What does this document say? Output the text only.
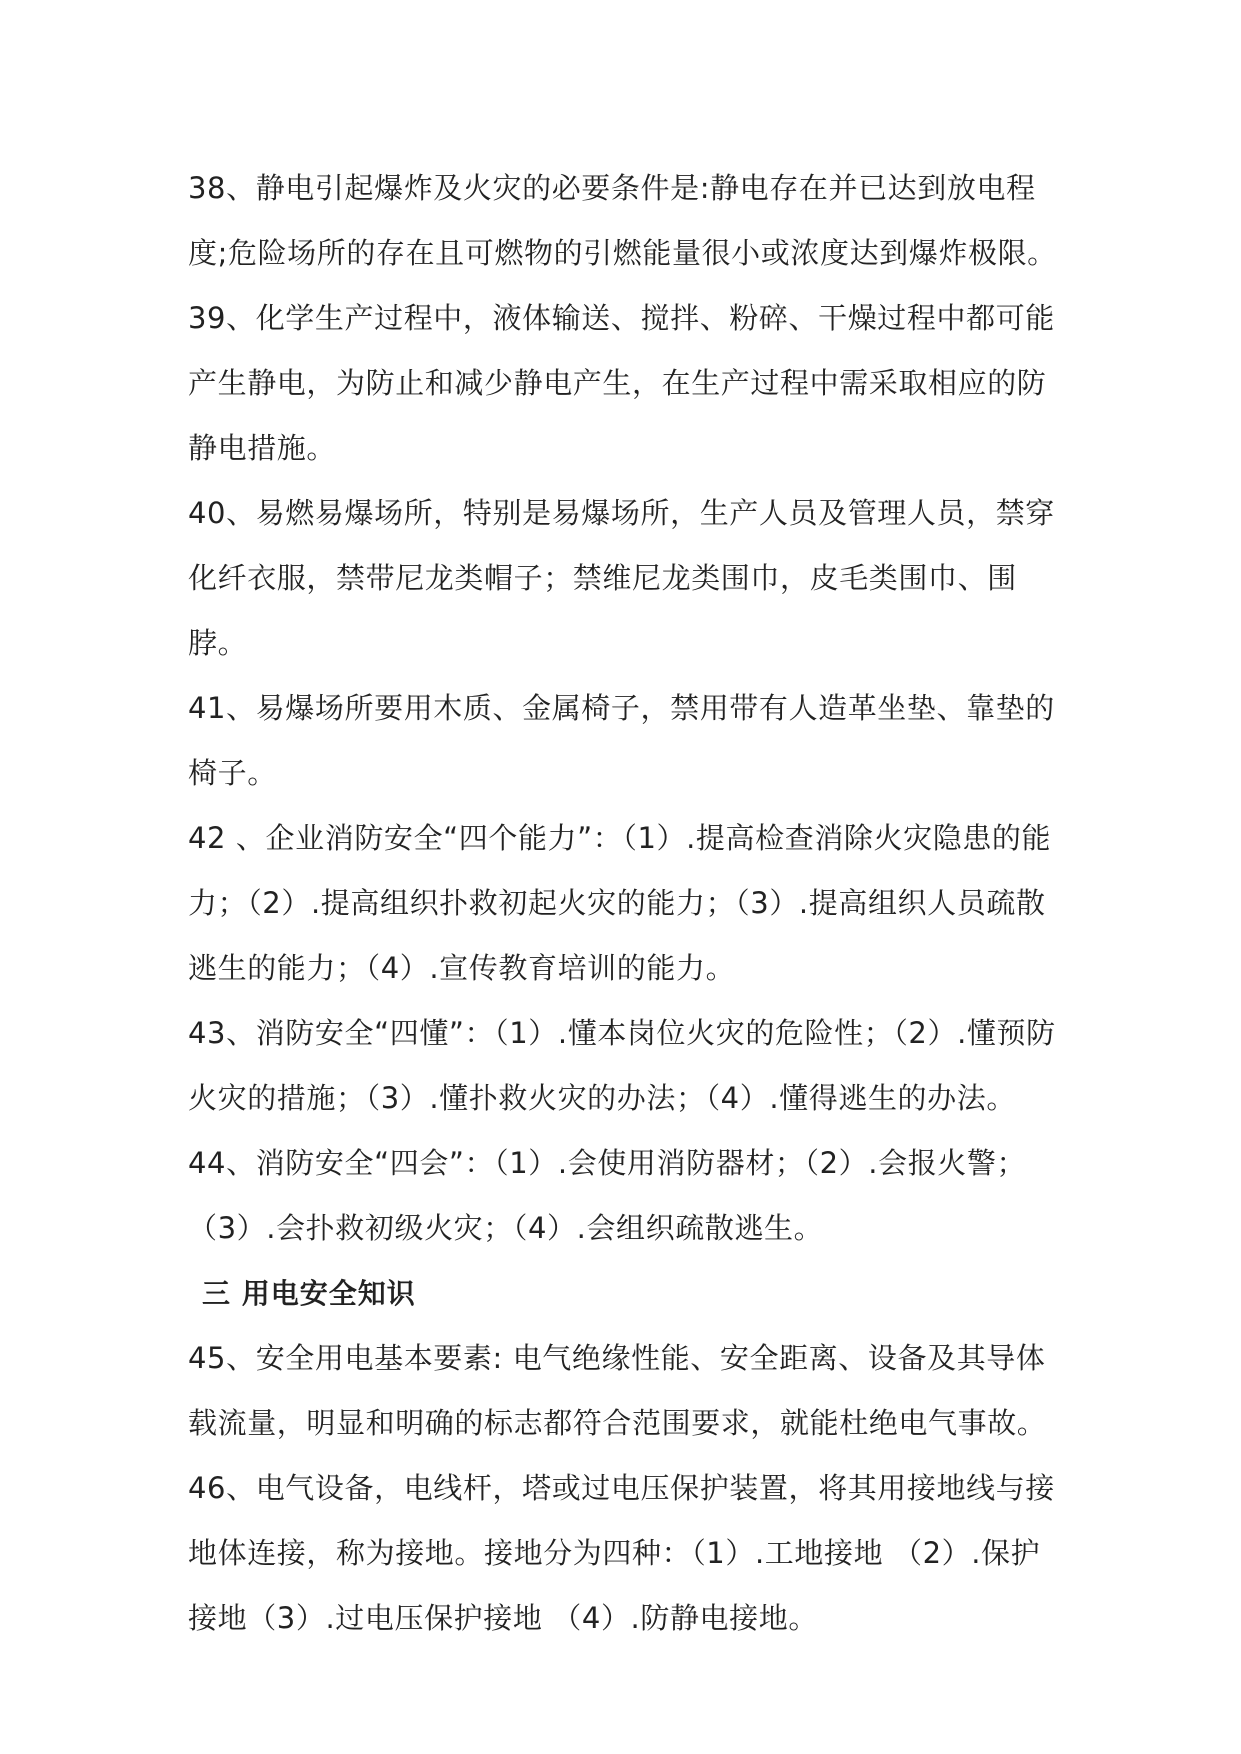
38、静电引起爆炸及火灾的必要条件是:静电存在并已达到放电程度;危险场所的存在且可燃物的引燃能量很小或浓度达到爆炸极限。

39、化学生产过程中，液体输送、搅拌、粉碎、干燥过程中都可能产生静电，为防止和减少静电产生，在生产过程中需采取相应的防静电措施。

40、易燃易爆场所，特别是易爆场所，生产人员及管理人员，禁穿化纤衣服，禁带尼龙类帽子；禁维尼龙类围巾，皮毛类围巾、围脖。

41、易爆场所要用木质、金属椅子，禁用带有人造革坐垫、靠垫的椅子。

42 、企业消防安全“四个能力”：（1）.提高检查消除火灾隐患的能力；（2）.提高组织扑救初起火灾的能力；（3）.提高组织人员疏散逃生的能力；（4）.宣传教育培训的能力。

43、消防安全“四懂”：（1）.懂本岗位火灾的危险性；（2）.懂预防火灾的措施；（3）.懂扑救火灾的办法；（4）.懂得逃生的办法。

44、消防安全“四会”：（1）.会使用消防器材；（2）.会报火警；（3）.会扑救初级火灾；（4）.会组织疏散逃生。

三 用电安全知识

45、安全用电基本要素: 电气绝缘性能、安全距离、设备及其导体载流量，明显和明确的标志都符合范围要求，就能杜绝电气事故。

46、电气设备，电线杆，塔或过电压保护装置，将其用接地线与接地体连接，称为接地。接地分为四种：（1）.工地接地 （2）.保护接地（3）.过电压保护接地 （4）.防静电接地。
